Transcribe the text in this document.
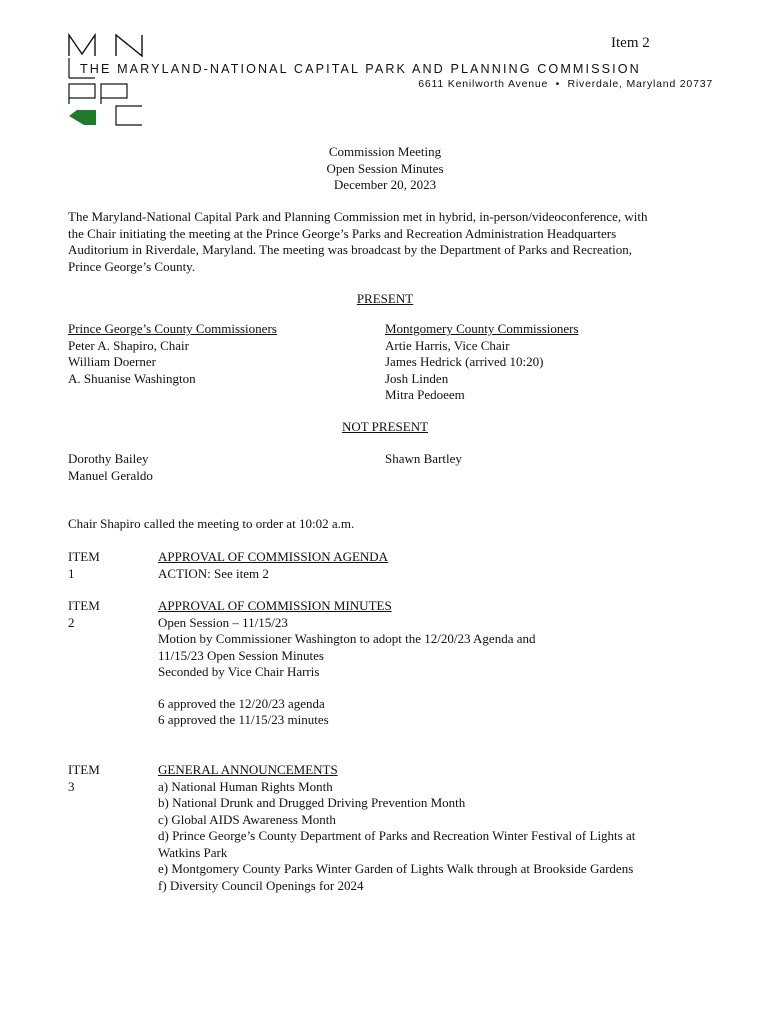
Item 2
THE MARYLAND-NATIONAL CAPITAL PARK AND PLANNING COMMISSION
6611 Kenilworth Avenue  •  Riverdale, Maryland 20737
Commission Meeting
Open Session Minutes
December 20, 2023
The Maryland-National Capital Park and Planning Commission met in hybrid, in-person/videoconference, with
the Chair initiating the meeting at the Prince George’s Parks and Recreation Administration Headquarters
Auditorium in Riverdale, Maryland. The meeting was broadcast by the Department of Parks and Recreation,
Prince George’s County.
PRESENT
Prince George’s County Commissioners
Peter A. Shapiro, Chair
William Doerner
A. Shuanise Washington
Montgomery County Commissioners
Artie Harris, Vice Chair
James Hedrick (arrived 10:20)
Josh Linden
Mitra Pedoeem
NOT PRESENT
Dorothy Bailey
Manuel Geraldo
Shawn Bartley
Chair Shapiro called the meeting to order at 10:02 a.m.
ITEM 1
APPROVAL OF COMMISSION AGENDA
ACTION: See item 2
ITEM 2
APPROVAL OF COMMISSION MINUTES
Open Session – 11/15/23
Motion by Commissioner Washington to adopt the 12/20/23 Agenda and
11/15/23 Open Session Minutes
Seconded by Vice Chair Harris
6 approved the 12/20/23 agenda
6 approved the 11/15/23 minutes
ITEM 3
GENERAL ANNOUNCEMENTS
a) National Human Rights Month
b) National Drunk and Drugged Driving Prevention Month
c) Global AIDS Awareness Month
d) Prince George’s County Department of Parks and Recreation Winter Festival of Lights at
Watkins Park
e) Montgomery County Parks Winter Garden of Lights Walk through at Brookside Gardens
f) Diversity Council Openings for 2024
